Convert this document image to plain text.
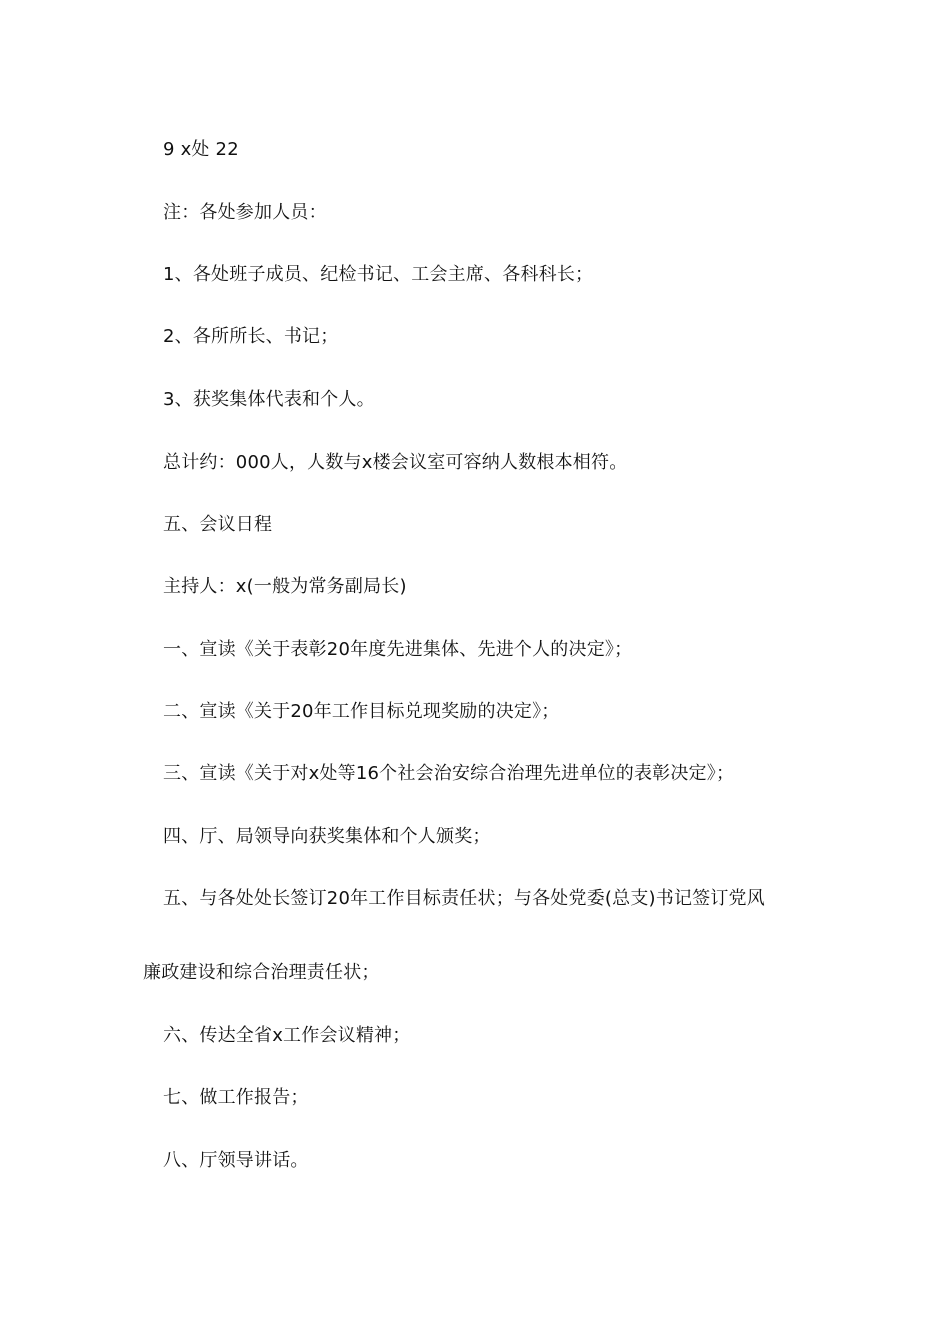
9 x处 22
注：各处参加人员：
1、各处班子成员、纪检书记、工会主席、各科科长；
2、各所所长、书记；
3、获奖集体代表和个人。
总计约：000人，人数与x楼会议室可容纳人数根本相符。
五、会议日程
主持人：x(一般为常务副局长)
一、宣读《关于表彰20年度先进集体、先进个人的决定》；
二、宣读《关于20年工作目标兑现奖励的决定》；
三、宣读《关于对x处等16个社会治安综合治理先进单位的表彰决定》；
四、厅、局领导向获奖集体和个人颁奖；
五、与各处处长签订20年工作目标责任状；与各处党委(总支)书记签订党风
廉政建设和综合治理责任状；
六、传达全省x工作会议精神；
七、做工作报告；
八、厅领导讲话。
